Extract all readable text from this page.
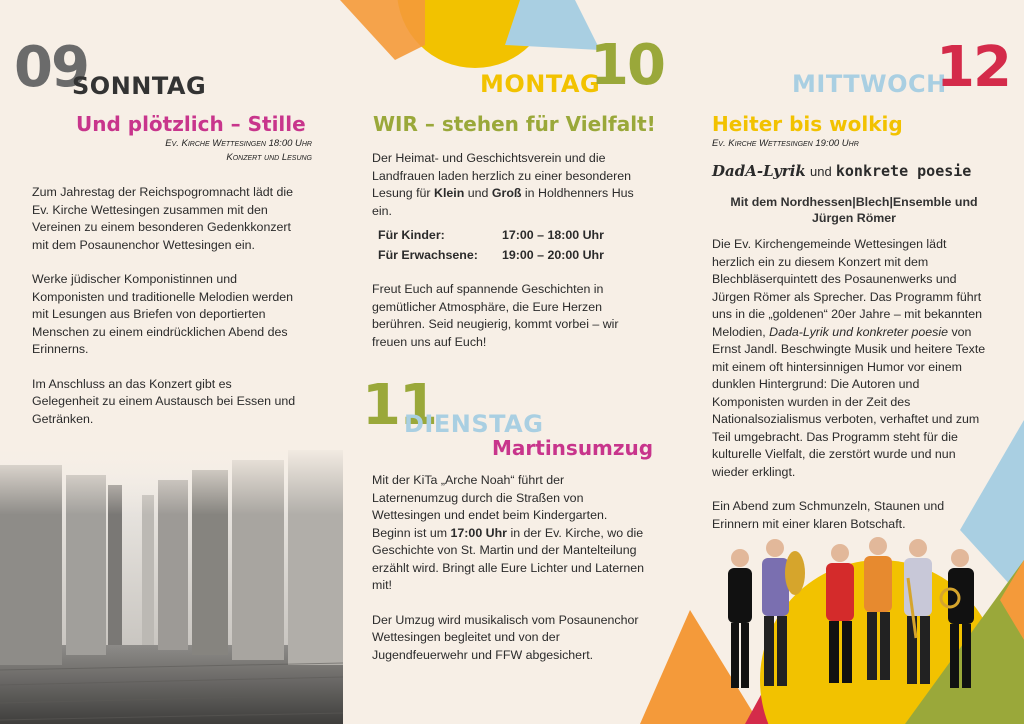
09
SONNTAG
Und plötzlich – Stille
Ev. Kirche Wettesingen 18:00 Uhr
Konzert und Lesung

Zum Jahrestag der Reichspogromnacht lädt die Ev. Kirche Wettesingen zusammen mit den Vereinen zu einem besonderen Gedenkkonzert mit dem Posaunenchor Wettesingen ein.

Werke jüdischer Komponistinnen und Komponisten und traditionelle Melodien werden mit Lesungen aus Briefen von deportierten Menschen zu einem eindrücklichen Abend des Erinnerns.

Im Anschluss an das Konzert gibt es Gelegenheit zu einem Austausch bei Essen und Getränken.

MONTAG
10
WIR – stehen für Vielfalt!

Der Heimat- und Geschichtsverein und die Landfrauen laden herzlich zu einer besonderen Lesung für Klein und Groß in Holdhenners Hus ein.

Für Kinder:	17:00 – 18:00 Uhr
Für Erwachsene:	19:00 – 20:00 Uhr

Freut Euch auf spannende Geschichten in gemütlicher Atmosphäre, die Eure Herzen berühren. Seid neugierig, kommt vorbei – wir freuen uns auf Euch!

11
DIENSTAG
Martinsumzug

Mit der KiTa „Arche Noah“ führt der Laternenumzug durch die Straßen von Wettesingen und endet beim Kindergarten. Beginn ist um 17:00 Uhr in der Ev. Kirche, wo die Geschichte von St. Martin und der Mantelteilung erzählt wird. Bringt alle Eure Lichter und Laternen mit!

Der Umzug wird musikalisch vom Posaunenchor Wettesingen begleitet und von der Jugendfeuerwehr und FFW abgesichert.

MITTWOCH
12
Heiter bis wolkig
Ev. Kirche Wettesingen 19:00 Uhr
DadA-Lyrik und konkrete poesie
Mit dem Nordhessen|Blech|Ensemble und Jürgen Römer

Die Ev. Kirchengemeinde Wettesingen lädt herzlich ein zu diesem Konzert mit dem Blechbläserquintett des Posaunenwerks und Jürgen Römer als Sprecher. Das Programm führt uns in die „goldenen“ 20er Jahre – mit bekannten Melodien, Dada-Lyrik und konkreter poesie von Ernst Jandl. Beschwingte Musik und heitere Texte mit einem oft hintersinnigen Humor vor einem dunklen Hintergrund: Die Autoren und Komponisten wurden in der Zeit des Nationalsozialismus verboten, verhaftet und zum Teil umgebracht. Das Programm steht für die kulturelle Vielfalt, die zerstört wurde und nun wieder erklingt.

Ein Abend zum Schmunzeln, Staunen und Erinnern mit einer klaren Botschaft.
